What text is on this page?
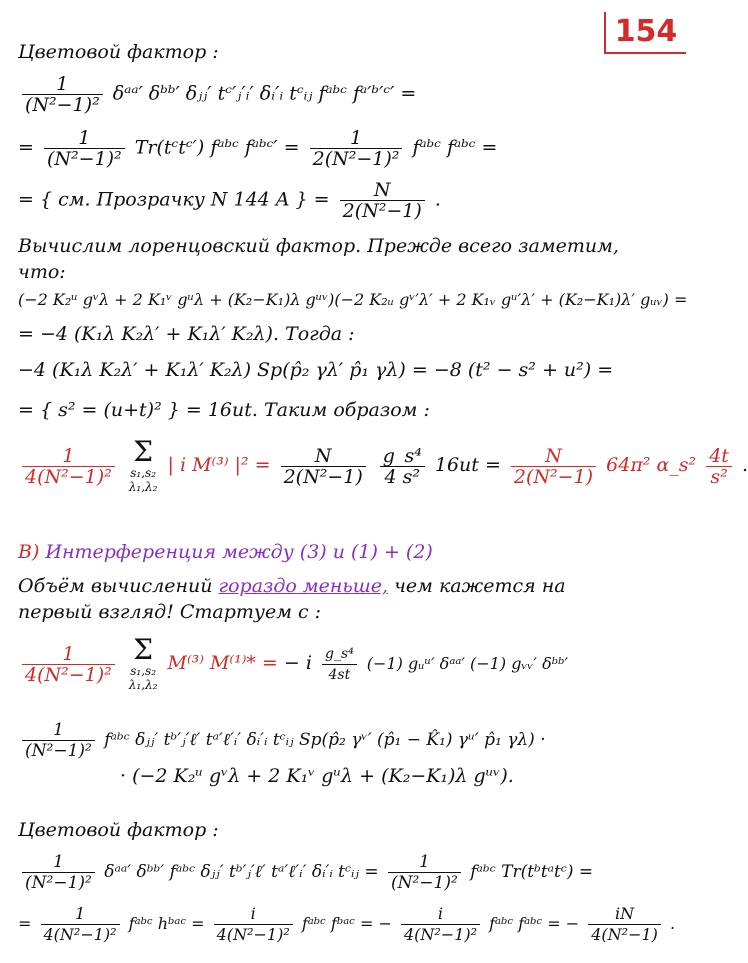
154
Цветовой фактор :
$\frac{1}{\text{(N²−1)²}}$ δᵃᵃ′ δᵇᵇ′ δⱼⱼ′ tᶜ′ⱼ′ᵢ′ δᵢ′ᵢ tᶜᵢⱼ fᵃᵇᶜ fᵃ′ᵇ′ᶜ′ =
= $\frac{1}{\text{(N²−1)²}}$ Tr(tᶜtᶜ′) fᵃᵇᶜ fᵃᵇᶜ′ = $\frac{1}{\text{2(N²−1)²}}$ fᵃᵇᶜ fᵃᵇᶜ =
= { см. Прозрачку N 144 A } = $\frac{N}{\text{2(N²−1)}}$ .
Вычислим лоренцовский фактор. Прежде всего заметим,
что:
(−2 K₂ᵘ gᵛλ + 2 K₁ᵛ gᵘλ + (K₂−K₁)λ gᵘᵛ)(−2 K₂ᵤ gᵛ′λ′ + 2 K₁ᵥ gᵘ′λ′ + (K₂−K₁)λ′ gᵤᵥ) =
= −4 (K₁λ K₂λ′ + K₁λ′ K₂λ). Тогда :
−4 (K₁λ K₂λ′ + K₁λ′ K₂λ) Sp(p̂₂ γλ′ p̂₁ γλ) = −8 (t² − s² + u²) =
= { s² = (u+t)² } = 16ut. Таким образом :
$\frac{1}{\text{4(N²−1)²}}$
Σ
s₁,s₂
λ₁,λ₂
| i M⁽³⁾ $|^2 = \frac{N}{\text{2(N²−1)}}$
$\frac{\text{g\_s⁴}}{\text{4 s²}} 16ut = \frac{N}{\text{2(N²−1)}} 64\pi^2$ α_s² $\frac{4t}{\text{s²}}$ .
B) Интерференция между (3) и (1) + (2)
Объём вычислений гораздо меньше, чем кажется на
первый взгляд! Стартуем с :
$\frac{1}{\text{4(N²−1)²}}$
Σ
s₁,s₂
λ₁,λ₂
M⁽³⁾ M⁽¹⁾* = − i $\frac{\text{g\_s⁴}}{4st} (-1)$ gᵤᵘ′ δᵃᵃ′ (−1) gᵥᵥ′ δᵇᵇ′
$\frac{1}{\text{(N²−1)²}}$ fᵃᵇᶜ δⱼⱼ′ tᵇ′ⱼ′ℓ′ tᵃ′ℓ′ᵢ′ δᵢ′ᵢ tᶜᵢⱼ Sp(p̂₂ γᵛ′ (p̂₁ − K̂₁) γᵘ′ p̂₁ γλ) ·
· (−2 K₂ᵘ gᵛλ + 2 K₁ᵛ gᵘλ + (K₂−K₁)λ gᵘᵛ).
Цветовой фактор :
$\frac{1}{\text{(N²−1)²}}$ δᵃᵃ′ δᵇᵇ′ fᵃᵇᶜ δⱼⱼ′ tᵇ′ⱼ′ℓ′ tᵃ′ℓ′ᵢ′ δᵢ′ᵢ tᶜᵢⱼ = $\frac{1}{\text{(N²−1)²}}$ fᵃᵇᶜ Tr(tᵇtᵃtᶜ) =
= $\frac{1}{\text{4(N²−1)²}}$ fᵃᵇᶜ hᵇᵃᶜ = $\frac{i}{\text{4(N²−1)²}}$ fᵃᵇᶜ fᵇᵃᶜ = − $\frac{i}{\text{4(N²−1)²}}$ fᵃᵇᶜ fᵃᵇᶜ = − $\frac{iN}{\text{4(N²−1)}}$ .
